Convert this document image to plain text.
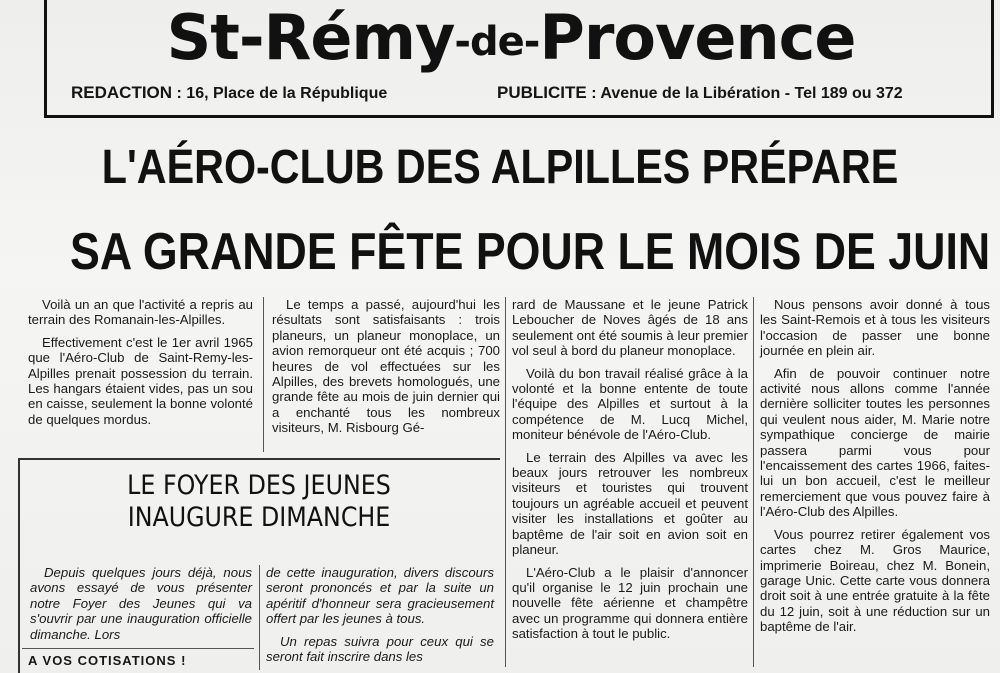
St-Rémy-de-Provence
REDACTION : 16, Place de la République	PUBLICITE : Avenue de la Libération - Tel 189 ou 372
L'AÉRO-CLUB DES ALPILLES PRÉPARE
SA GRANDE FÊTE POUR LE MOIS DE JUIN

Voilà un an que l'activité a repris au terrain des Romanain-les-Alpilles.

Effectivement c'est le 1er avril 1965 que l'Aéro-Club de Saint-Remy-les-Alpilles prenait possession du terrain. Les hangars étaient vides, pas un sou en caisse, seulement la bonne volonté de quelques mordus.

Le temps a passé, aujourd'hui les résultats sont satisfaisants : trois planeurs, un planeur monoplace, un avion remorqueur ont été acquis ; 700 heures de vol effectuées sur les Alpilles, des brevets homologués, une grande fête au mois de juin dernier qui a enchanté tous les nombreux visiteurs, M. Risbourg Gé-

rard de Maussane et le jeune Patrick Leboucher de Noves âgés de 18 ans seulement ont été soumis à leur premier vol seul à bord du planeur monoplace.

Voilà du bon travail réalisé grâce à la volonté et la bonne entente de toute l'équipe des Alpilles et surtout à la compétence de M. Lucq Michel, moniteur bénévole de l'Aéro-Club.

Le terrain des Alpilles va avec les beaux jours retrouver les nombreux visiteurs et touristes qui trouvent toujours un agréable accueil et peuvent visiter les installations et goûter au baptême de l'air soit en avion soit en planeur.

L'Aéro-Club a le plaisir d'annoncer qu'il organise le 12 juin prochain une nouvelle fête aérienne et champêtre avec un programme qui donnera entière satisfaction à tout le public.

Nous pensons avoir donné à tous les Saint-Remois et à tous les visiteurs l'occasion de passer une bonne journée en plein air.

Afin de pouvoir continuer notre activité nous allons comme l'année dernière solliciter toutes les personnes qui veulent nous aider, M. Marie notre sympathique concierge de mairie passera parmi vous pour l'encaissement des cartes 1966, faites-lui un bon accueil, c'est le meilleur remerciement que vous pouvez faire à l'Aéro-Club des Alpilles.

Vous pourrez retirer également vos cartes chez M. Gros Maurice, imprimerie Boireau, chez M. Bonein, garage Unic. Cette carte vous donnera droit soit à une entrée gratuite à la fête du 12 juin, soit à une réduction sur un baptême de l'air.

LE FOYER DES JEUNES
INAUGURE DIMANCHE

Depuis quelques jours déjà, nous avons essayé de vous présenter notre Foyer des Jeunes qui va s'ouvrir par une inauguration officielle dimanche. Lors

de cette inauguration, divers discours seront prononcés et par la suite un apéritif d'honneur sera gracieusement offert par les jeunes à tous.

Un repas suivra pour ceux qui se seront fait inscrire dans les

A VOS COTISATIONS !
